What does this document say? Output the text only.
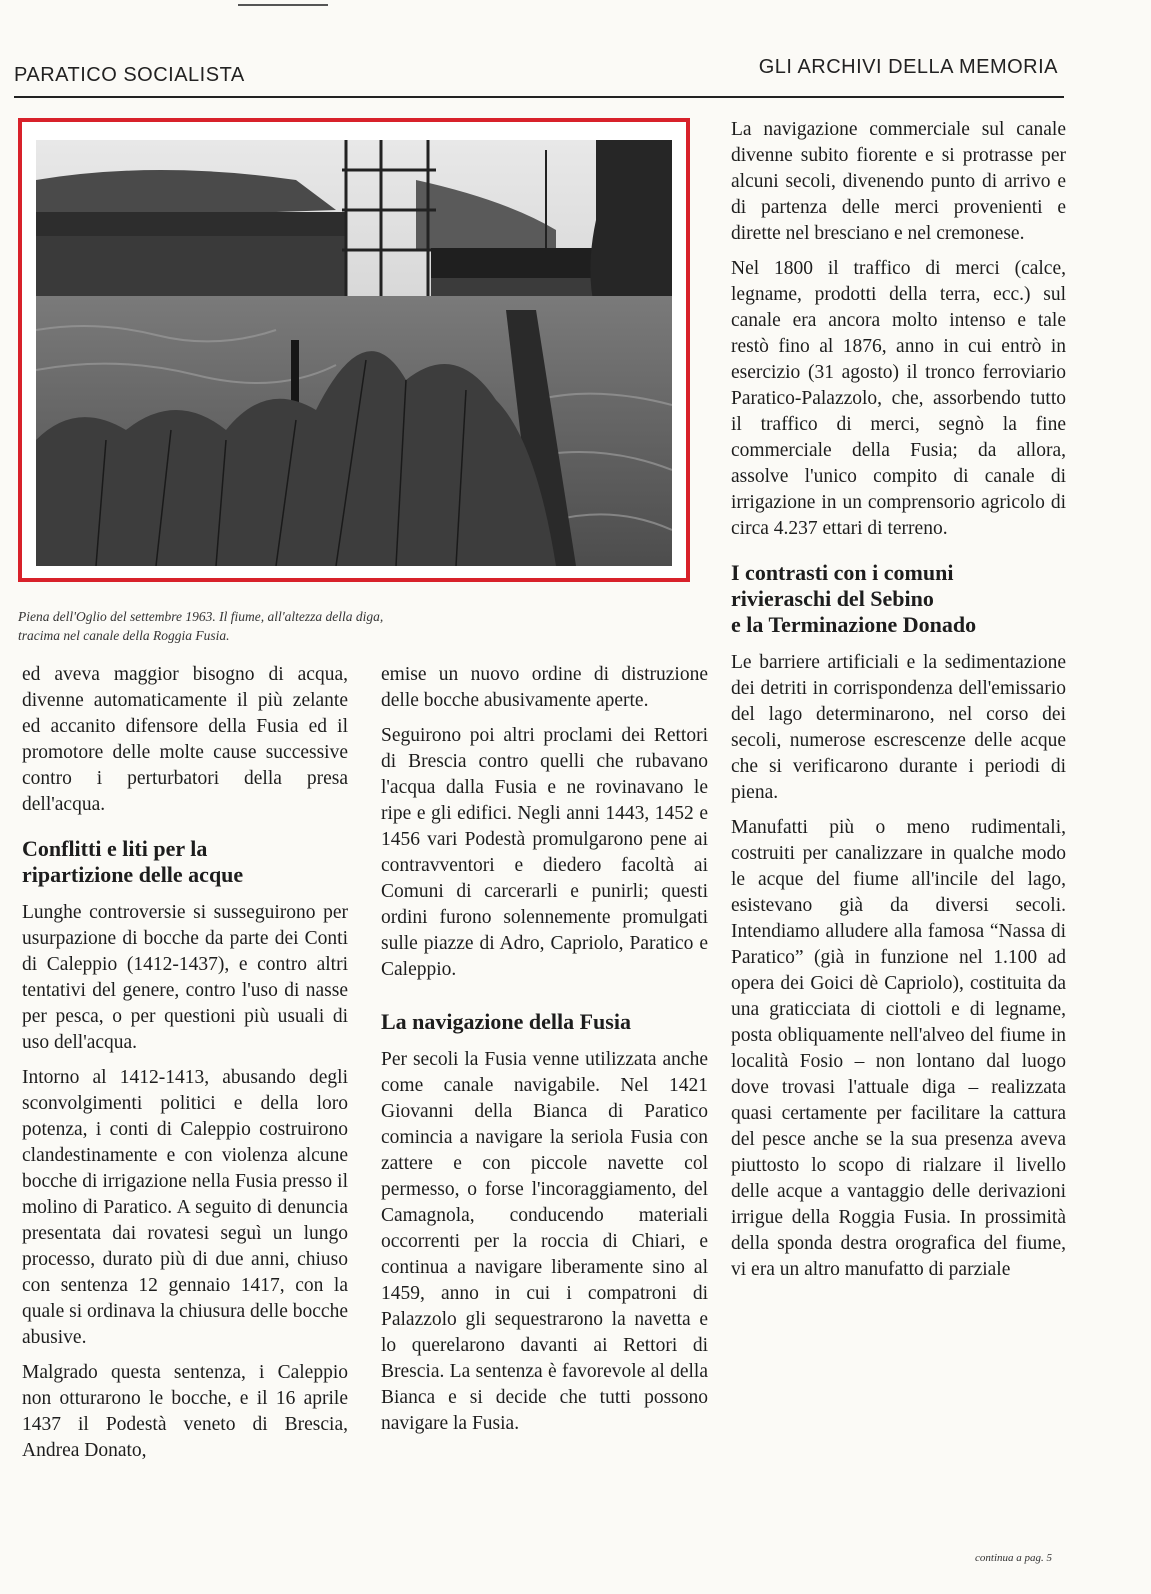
PARATICO SOCIALISTA	GLI ARCHIVI DELLA MEMORIA
Piena dell'Oglio del settembre 1963. Il fiume, all'altezza della diga,
tracima nel canale della Roggia Fusia.

ed aveva maggior bisogno di acqua, divenne automaticamente il più zelante ed accanito difensore della Fusia ed il promotore delle molte cause successive contro i perturbatori della presa dell'acqua.

Conflitti e liti per la
ripartizione delle acque

Lunghe controversie si susseguirono per usurpazione di bocche da parte dei Conti di Caleppio (1412-1437), e contro altri tentativi del genere, contro l'uso di nasse per pesca, o per questioni più usuali di uso dell'acqua.

Intorno al 1412-1413, abusando degli sconvolgimenti politici e della loro potenza, i conti di Caleppio costruirono clandestinamente e con violenza alcune bocche di irrigazione nella Fusia presso il molino di Paratico. A seguito di denuncia presentata dai rovatesi seguì un lungo processo, durato più di due anni, chiuso con sentenza 12 gennaio 1417, con la quale si ordinava la chiusura delle bocche abusive.

Malgrado questa sentenza, i Caleppio non otturarono le bocche, e il 16 aprile 1437 il Podestà veneto di Brescia, Andrea Donato,

emise un nuovo ordine di distruzione delle bocche abusivamente aperte.

Seguirono poi altri proclami dei Rettori di Brescia contro quelli che rubavano l'acqua dalla Fusia e ne rovinavano le ripe e gli edifici. Negli anni 1443, 1452 e 1456 vari Podestà promulgarono pene ai contravventori e diedero facoltà ai Comuni di carcerarli e punirli; questi ordini furono solennemente promulgati sulle piazze di Adro, Capriolo, Paratico e Caleppio.

La navigazione della Fusia

Per secoli la Fusia venne utilizzata anche come canale navigabile. Nel 1421 Giovanni della Bianca di Paratico comincia a navigare la seriola Fusia con zattere e con piccole navette col permesso, o forse l'incoraggiamento, del Camagnola, conducendo materiali occorrenti per la roccia di Chiari, e continua a navigare liberamente sino al 1459, anno in cui i compatroni di Palazzolo gli sequestrarono la navetta e lo querelarono davanti ai Rettori di Brescia. La sentenza è favorevole al della Bianca e si decide che tutti possono navigare la Fusia.

La navigazione commerciale sul canale divenne subito fiorente e si protrasse per alcuni secoli, divenendo punto di arrivo e di partenza delle merci provenienti e dirette nel bresciano e nel cremonese.

Nel 1800 il traffico di merci (calce, legname, prodotti della terra, ecc.) sul canale era ancora molto intenso e tale restò fino al 1876, anno in cui entrò in esercizio (31 agosto) il tronco ferroviario Paratico-Palazzolo, che, assorbendo tutto il traffico di merci, segnò la fine commerciale della Fusia; da allora, assolve l'unico compito di canale di irrigazione in un comprensorio agricolo di circa 4.237 ettari di terreno.

I contrasti con i comuni
rivieraschi del Sebino
e la Terminazione Donado

Le barriere artificiali e la sedimentazione dei detriti in corrispondenza dell'emissario del lago determinarono, nel corso dei secoli, numerose escrescenze delle acque che si verificarono durante i periodi di piena.

Manufatti più o meno rudimentali, costruiti per canalizzare in qualche modo le acque del fiume all'incile del lago, esistevano già da diversi secoli. Intendiamo alludere alla famosa “Nassa di Paratico” (già in funzione nel 1.100 ad opera dei Goici dè Capriolo), costituita da una graticciata di ciottoli e di legname, posta obliquamente nell'alveo del fiume in località Fosio – non lontano dal luogo dove trovasi l'attuale diga – realizzata quasi certamente per facilitare la cattura del pesce anche se la sua presenza aveva piuttosto lo scopo di rialzare il livello delle acque a vantaggio delle derivazioni irrigue della Roggia Fusia. In prossimità della sponda destra orografica del fiume, vi era un altro manufatto di parziale

continua a pag. 5
